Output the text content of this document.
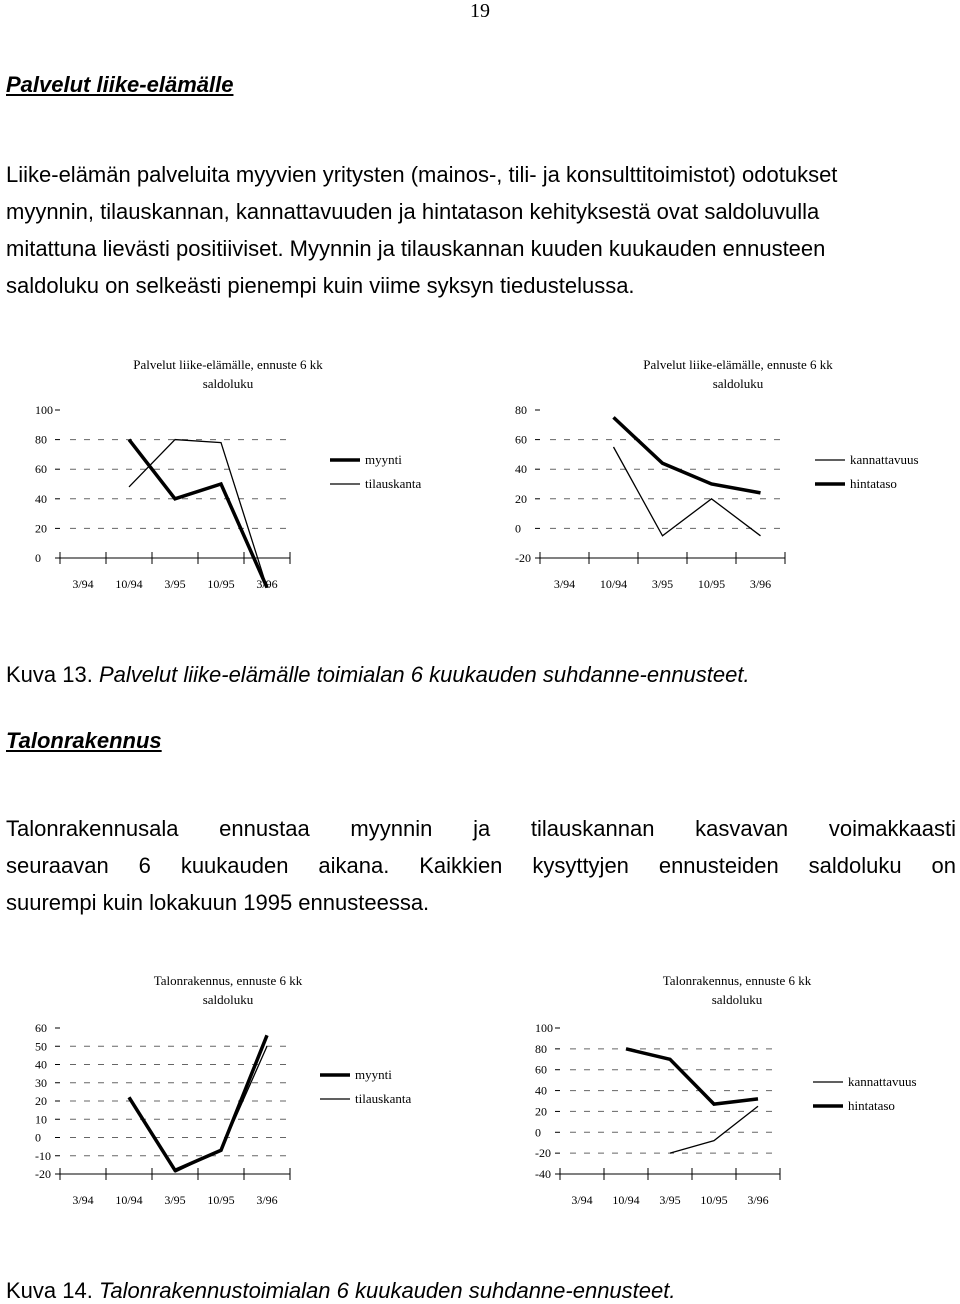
19
Palvelut liike-elämälle
Liike-elämän palveluita myyvien yritysten (mainos-, tili- ja konsulttitoimistot) odotukset
myynnin, tilauskannan, kannattavuuden ja hintatason kehityksestä ovat saldoluvulla
mitattuna lievästi positiiviset. Myynnin ja tilauskannan kuuden kuukauden ennusteen
saldoluku on selkeästi pienempi kuin viime syksyn tiedustelussa.
Palvelut liike-elämälle, ennuste 6 kk
saldoluku
0
20
40
60
80
100
3/94 10/94 3/95 10/95 3/96
myynti
tilauskanta
Palvelut liike-elämälle, ennuste 6 kk
saldoluku
-20
0
20
40
60
80
3/94 10/94 3/95 10/95 3/96
kannattavuus
hintataso
Kuva 13. Palvelut liike-elämälle toimialan 6 kuukauden suhdanne-ennusteet.
Talonrakennus
Talonrakennusala ennustaa myynnin ja tilauskannan kasvavan voimakkaasti
seuraavan 6 kuukauden aikana. Kaikkien kysyttyjen ennusteiden saldoluku on
suurempi kuin lokakuun 1995 ennusteessa.
Talonrakennus, ennuste 6 kk
saldoluku
-20
-10
0
10
20
30
40
50
60
3/94 10/94 3/95 10/95 3/96
myynti
tilauskanta
Talonrakennus, ennuste 6 kk
saldoluku
-40
-20
0
20
40
60
80
100
3/94 10/94 3/95 10/95 3/96
kannattavuus
hintataso
Kuva 14. Talonrakennustoimialan 6 kuukauden suhdanne-ennusteet.
